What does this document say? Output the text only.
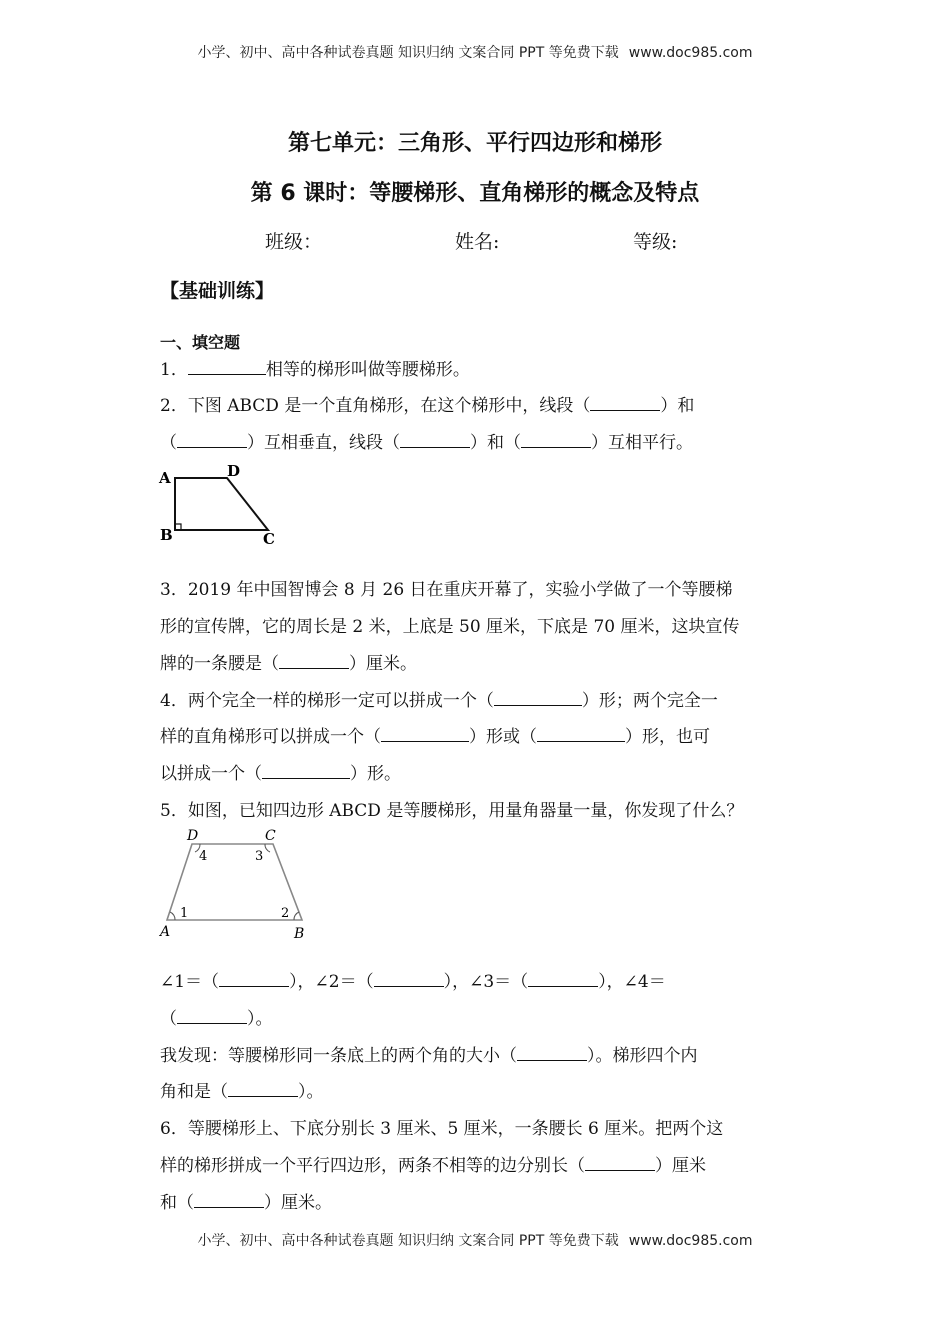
小学、初中、高中各种试卷真题 知识归纳 文案合同 PPT 等免费下载 www.doc985.com
第七单元：三角形、平行四边形和梯形
第 6 课时：等腰梯形、直角梯形的概念及特点
班级：	姓名:	等级:
【基础训练】
一、填空题
1．	相等的梯形叫做等腰梯形。
2．下图 ABCD 是一个直角梯形，在这个梯形中，线段（	）和
（	）互相垂直，线段（	）和（	）互相平行。
A	D
B	C
3．2019 年中国智博会 8 月 26 日在重庆开幕了，实验小学做了一个等腰梯
形的宣传牌，它的周长是 2 米，上底是 50 厘米，下底是 70 厘米，这块宣传
牌的一条腰是（	）厘米。
4．两个完全一样的梯形一定可以拼成一个（	）形；两个完全一
样的直角梯形可以拼成一个（	）形或（	）形，也可
以拼成一个（	）形。
5．如图，已知四边形 ABCD 是等腰梯形，用量角器量一量，你发现了什么？
D	C
A	B
1	2
3
4
∠1＝（	），∠2＝（	），∠3＝（	），∠4＝
（	）。
我发现：等腰梯形同一条底上的两个角的大小（	）。梯形四个内
角和是（	）。
6．等腰梯形上、下底分别长 3 厘米、5 厘米，一条腰长 6 厘米。把两个这
样的梯形拼成一个平行四边形，两条不相等的边分别长（	）厘米
和（	）厘米。
小学、初中、高中各种试卷真题 知识归纳 文案合同 PPT 等免费下载 www.doc985.com
